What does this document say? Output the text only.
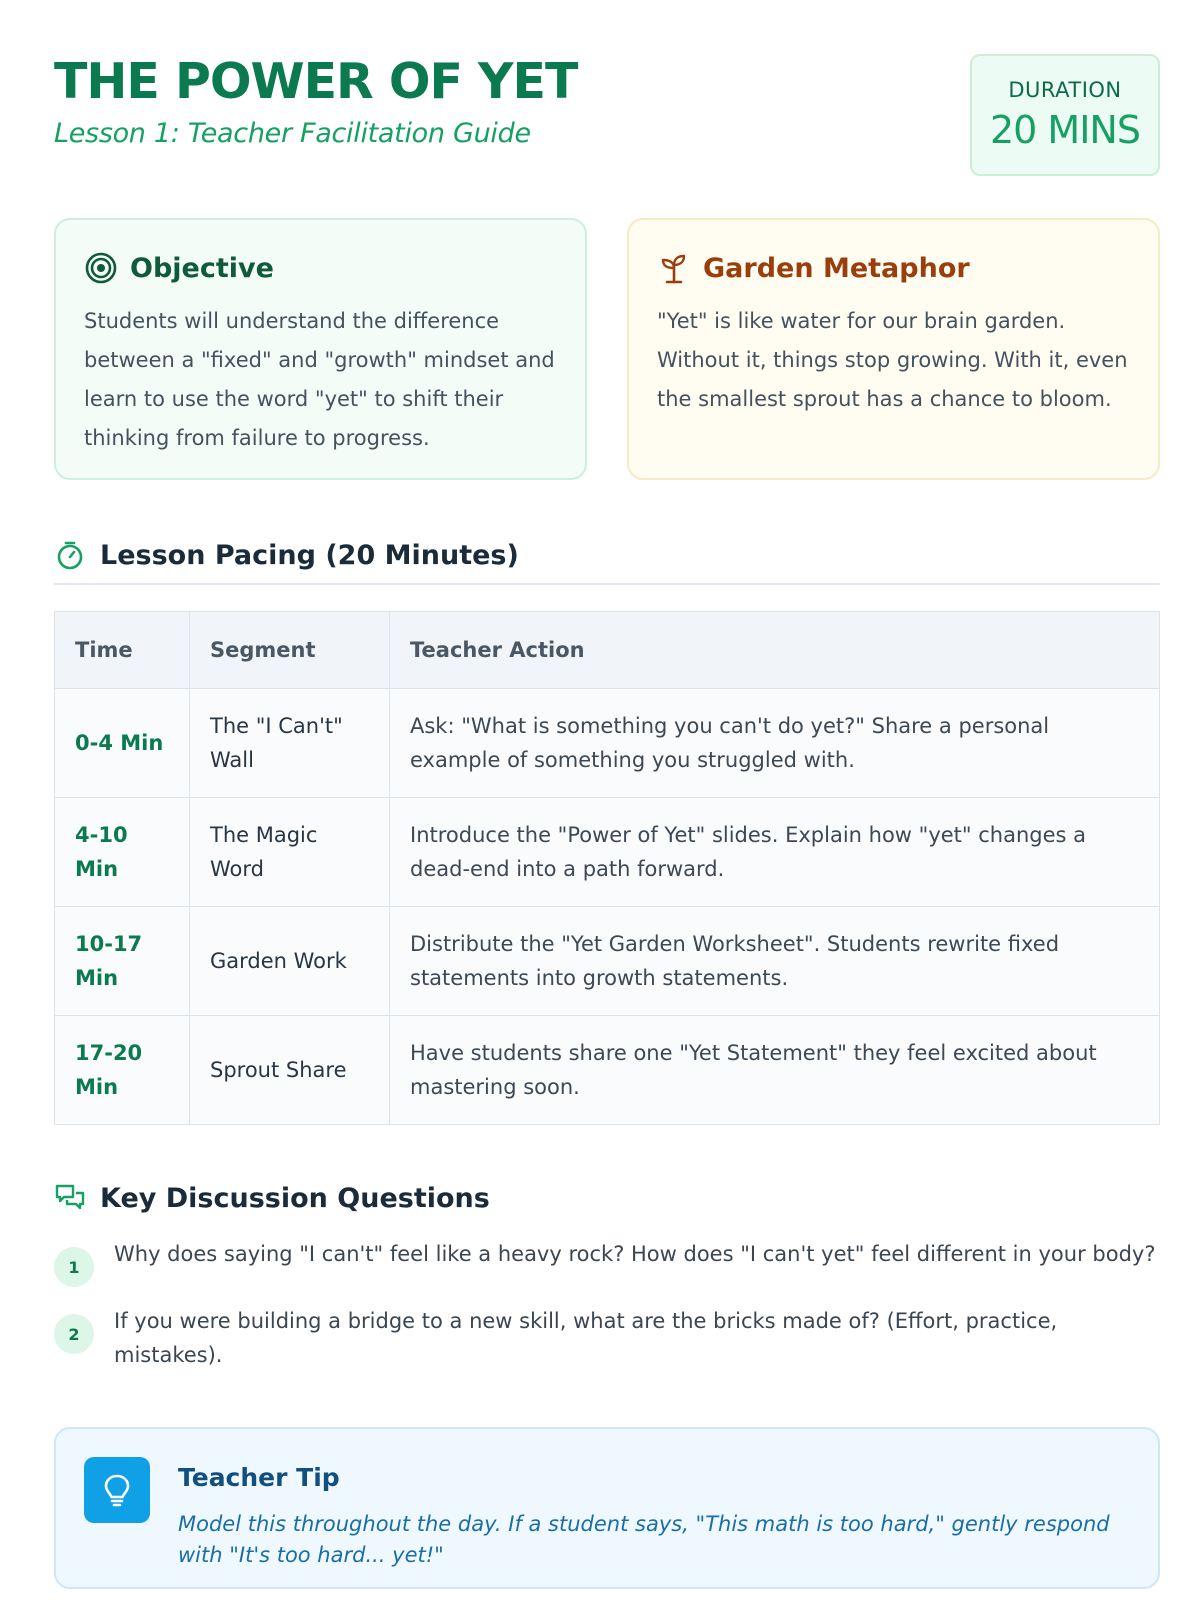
THE POWER OF YET
Lesson 1: Teacher Facilitation Guide
DURATION
20 MINS
Objective
Students will understand the difference between a "fixed" and "growth" mindset and learn to use the word "yet" to shift their thinking from failure to progress.
Garden Metaphor
"Yet" is like water for our brain garden. Without it, things stop growing. With it, even the smallest sprout has a chance to bloom.
Lesson Pacing (20 Minutes)
Time	Segment	Teacher Action
0-4 Min	The "I Can't" Wall	Ask: "What is something you can't do yet?" Share a personal example of something you struggled with.
4-10 Min	The Magic Word	Introduce the "Power of Yet" slides. Explain how "yet" changes a dead-end into a path forward.
10-17 Min	Garden Work	Distribute the "Yet Garden Worksheet". Students rewrite fixed statements into growth statements.
17-20 Min	Sprout Share	Have students share one "Yet Statement" they feel excited about mastering soon.
Key Discussion Questions
1
Why does saying "I can't" feel like a heavy rock? How does "I can't yet" feel different in your body?
2
If you were building a bridge to a new skill, what are the bricks made of? (Effort, practice, mistakes).
Teacher Tip
Model this throughout the day. If a student says, "This math is too hard," gently respond with "It's too hard... yet!"
